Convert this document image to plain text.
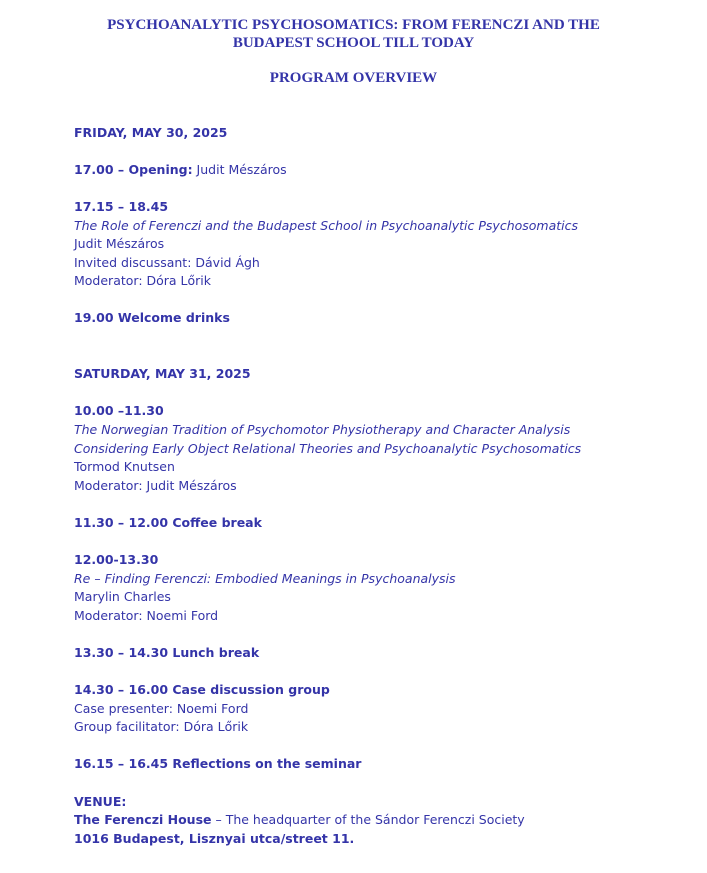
PSYCHOANALYTIC PSYCHOSOMATICS: FROM FERENCZI AND THE
BUDAPEST SCHOOL TILL TODAY
PROGRAM OVERVIEW
FRIDAY, MAY 30, 2025
17.00 – Opening: Judit Mészáros
17.15 – 18.45
The Role of Ferenczi and the Budapest School in Psychoanalytic Psychosomatics
Judit Mészáros
Invited discussant: Dávid Ágh
Moderator: Dóra Lőrik
19.00 Welcome drinks
SATURDAY, MAY 31, 2025
10.00 –11.30
The Norwegian Tradition of Psychomotor Physiotherapy and Character Analysis
Considering Early Object Relational Theories and Psychoanalytic Psychosomatics
Tormod Knutsen
Moderator: Judit Mészáros
11.30 – 12.00 Coffee break
12.00-13.30
Re – Finding Ferenczi: Embodied Meanings in Psychoanalysis
Marylin Charles
Moderator: Noemi Ford
13.30 – 14.30 Lunch break
14.30 – 16.00 Case discussion group
Case presenter: Noemi Ford
Group facilitator: Dóra Lőrik
16.15 – 16.45 Reflections on the seminar
VENUE:
The Ferenczi House – The headquarter of the Sándor Ferenczi Society
1016 Budapest, Lisznyai utca/street 11.
